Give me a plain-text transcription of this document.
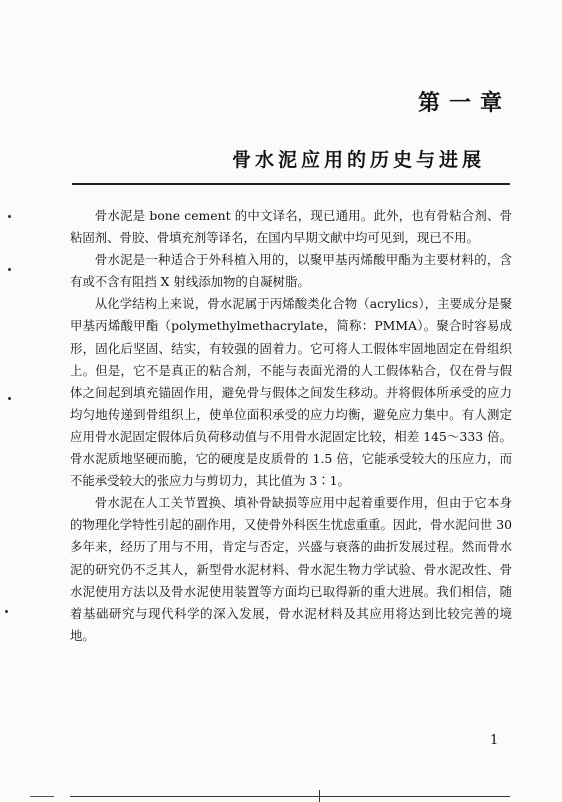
第一章
骨水泥应用的历史与进展

骨水泥是 bone cement 的中文译名，现已通用。此外，也有骨粘合剂、骨粘固剂、骨胶、骨填充剂等译名，在国内早期文献中均可见到，现已不用。

骨水泥是一种适合于外科植入用的，以聚甲基丙烯酸甲酯为主要材料的，含有或不含有阻挡 X 射线添加物的自凝树脂。

从化学结构上来说，骨水泥属于丙烯酸类化合物（acrylics），主要成分是聚甲基丙烯酸甲酯（polymethylmethacrylate，简称：PMMA）。聚合时容易成形，固化后坚固、结实，有较强的固着力。它可将人工假体牢固地固定在骨组织上。但是，它不是真正的粘合剂，不能与表面光滑的人工假体粘合，仅在骨与假体之间起到填充锚固作用，避免骨与假体之间发生移动。并将假体所承受的应力均匀地传递到骨组织上，使单位面积承受的应力均衡，避免应力集中。有人测定应用骨水泥固定假体后负荷移动值与不用骨水泥固定比较，相差 145～333 倍。骨水泥质地坚硬而脆，它的硬度是皮质骨的 1.5 倍，它能承受较大的压应力，而不能承受较大的张应力与剪切力，其比值为 3∶1。

骨水泥在人工关节置换、填补骨缺损等应用中起着重要作用，但由于它本身的物理化学特性引起的副作用，又使骨外科医生忧虑重重。因此，骨水泥问世 30 多年来，经历了用与不用，肯定与否定，兴盛与衰落的曲折发展过程。然而骨水泥的研究仍不乏其人，新型骨水泥材料、骨水泥生物力学试验、骨水泥改性、骨水泥使用方法以及骨水泥使用装置等方面均已取得新的重大进展。我们相信，随着基础研究与现代科学的深入发展，骨水泥材料及其应用将达到比较完善的境地。

1
